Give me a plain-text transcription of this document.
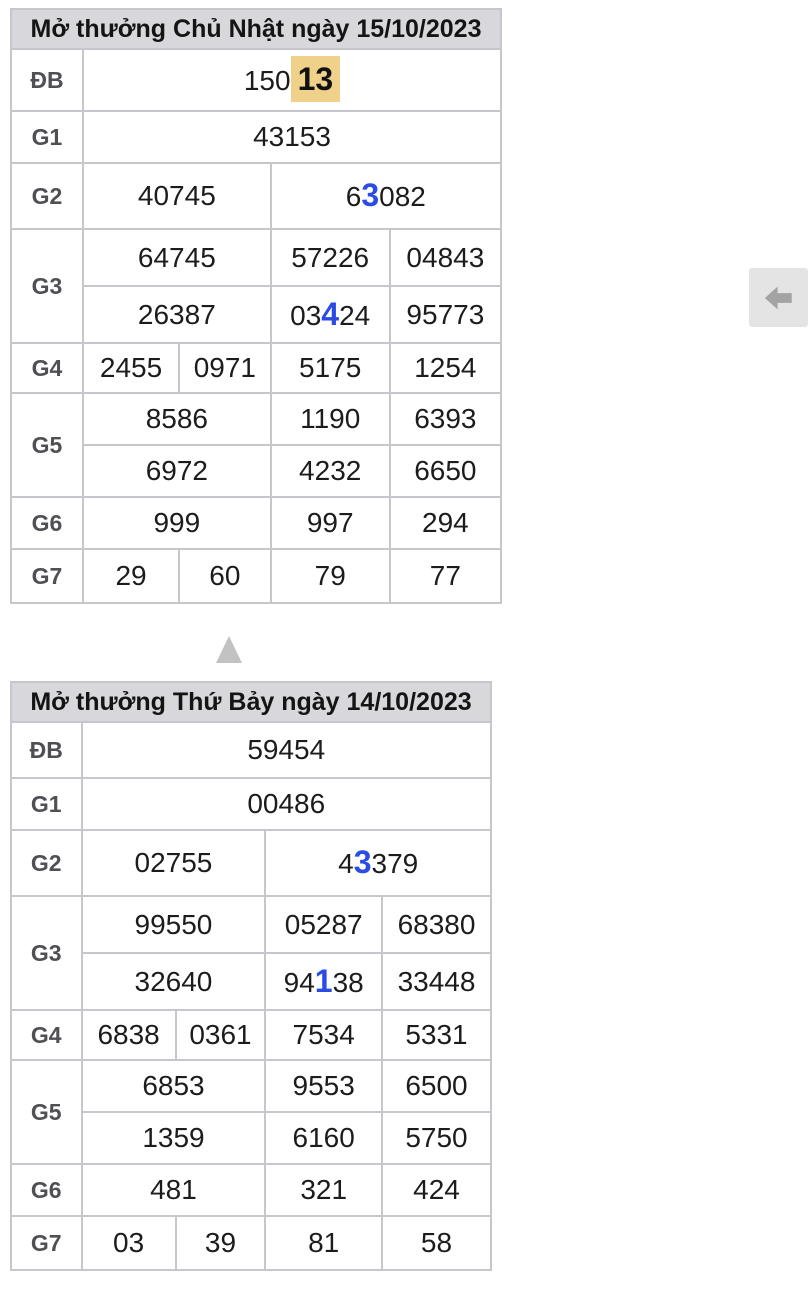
Mở thưởng Chủ Nhật ngày 15/10/2023				
ĐB	150 13			
G1	43153			
G2	40745		63082	
G3	64745		57226	04843
	26387		03424	95773
G4	2455	0971	5175	1254
G5	8586		1190	6393
	6972		4232	6650
G6	999		997	294
G7	29	60	79	77
Mở thưởng Thứ Bảy ngày 14/10/2023				
ĐB	59454			
G1	00486			
G2	02755		43379	
G3	99550		05287	68380
	32640		94138	33448
G4	6838	0361	7534	5331
G5	6853		9553	6500
	1359		6160	5750
G6	481		321	424
G7	03	39	81	58
